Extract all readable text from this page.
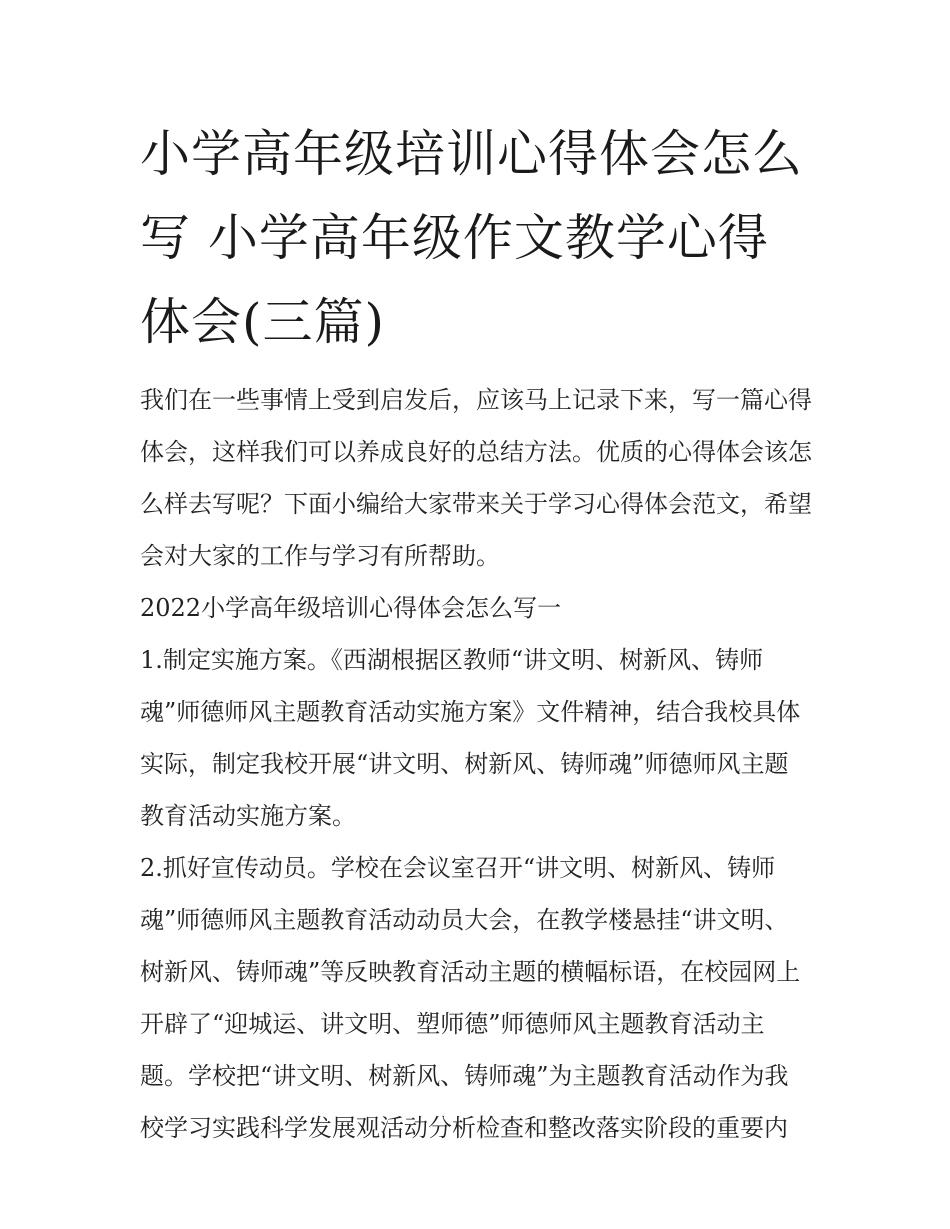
小学高年级培训心得体会怎么写 小学高年级作文教学心得体会(三篇)

我们在一些事情上受到启发后，应该马上记录下来，写一篇心得体会，这样我们可以养成良好的总结方法。优质的心得体会该怎么样去写呢？下面小编给大家带来关于学习心得体会范文，希望会对大家的工作与学习有所帮助。

2022小学高年级培训心得体会怎么写一

1.制定实施方案。《西湖根据区教师“讲文明、树新风、铸师魂”师德师风主题教育活动实施方案》文件精神，结合我校具体实际，制定我校开展“讲文明、树新风、铸师魂”师德师风主题教育活动实施方案。

2.抓好宣传动员。学校在会议室召开“讲文明、树新风、铸师魂”师德师风主题教育活动动员大会，在教学楼悬挂“讲文明、树新风、铸师魂”等反映教育活动主题的横幅标语，在校园网上开辟了“迎城运、讲文明、塑师德”师德师风主题教育活动主题。学校把“讲文明、树新风、铸师魂”为主题教育活动作为我校学习实践科学发展观活动分析检查和整改落实阶段的重要内
